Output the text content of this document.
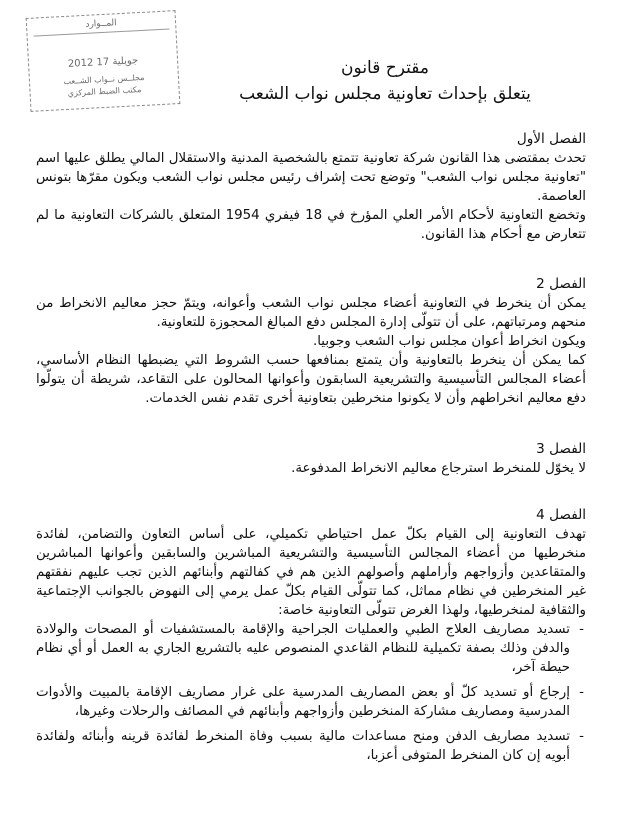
المــوارد
2012 جويلية 17
مجلــس نــواب الشــعب
مكتب الضبط المركزي
مقترح قانون
يتعلق بإحداث تعاونية مجلس نواب الشعب
الفصل الأول

تحدث بمقتضى هذا القانون شركة تعاونية تتمتع بالشخصية المدنية والاستقلال المالي يطلق عليها اسم "تعاونية مجلس نواب الشعب" وتوضع تحت إشراف رئيس مجلس نواب الشعب ويكون مقرّها بتونس العاصمة.

وتخضع التعاونية لأحكام الأمر العلي المؤرخ في 18 فيفري 1954 المتعلق بالشركات التعاونية ما لم تتعارض مع أحكام هذا القانون.

الفصل 2

يمكن أن ينخرط في التعاونية أعضاء مجلس نواب الشعب وأعوانه، ويتمّ حجز معاليم الانخراط من منحهم ومرتباتهم، على أن تتولّى إدارة المجلس دفع المبالغ المحجوزة للتعاونية.

ويكون انخراط أعوان مجلس نواب الشعب وجوبيا.

كما يمكن أن ينخرط بالتعاونية وأن يتمتع بمنافعها حسب الشروط التي يضبطها النظام الأساسي، أعضاء المجالس التأسيسية والتشريعية السابقون وأعوانها المحالون على التقاعد، شريطة أن يتولّوا دفع معاليم انخراطهم وأن لا يكونوا منخرطين بتعاونية أخرى تقدم نفس الخدمات.

الفصل 3

لا يخوّل للمنخرط استرجاع معاليم الانخراط المدفوعة.

الفصل 4

تهدف التعاونية إلى القيام بكلّ عمل احتياطي تكميلي، على أساس التعاون والتضامن، لفائدة منخرطيها من أعضاء المجالس التأسيسية والتشريعية المباشرين والسابقين وأعوانها المباشرين والمتقاعدين وأزواجهم وأراملهم وأصولهم الذين هم في كفالتهم وأبنائهم الذين تجب عليهم نفقتهم غير المنخرطين في نظام مماثل، كما تتولّى القيام بكلّ عمل يرمي إلى النهوض بالجوانب الإجتماعية والثقافية لمنخرطيها، ولهذا الغرض تتولّى التعاونية خاصة:

- تسديد مصاريف العلاج الطبي والعمليات الجراحية والإقامة بالمستشفيات أو المصحات والولادة والدفن وذلك بصفة تكميلية للنظام القاعدي المنصوص عليه بالتشريع الجاري به العمل أو أي نظام حيطة آخر،
- إرجاع أو تسديد كلّ أو بعض المصاريف المدرسية على غرار مصاريف الإقامة بالمبيت والأدوات المدرسية ومصاريف مشاركة المنخرطين وأزواجهم وأبنائهم في المصائف والرحلات وغيرها،
- تسديد مصاريف الدفن ومنح مساعدات مالية بسبب وفاة المنخرط لفائدة قرينه وأبنائه ولفائدة أبويه إن كان المنخرط المتوفى أعزبا،
